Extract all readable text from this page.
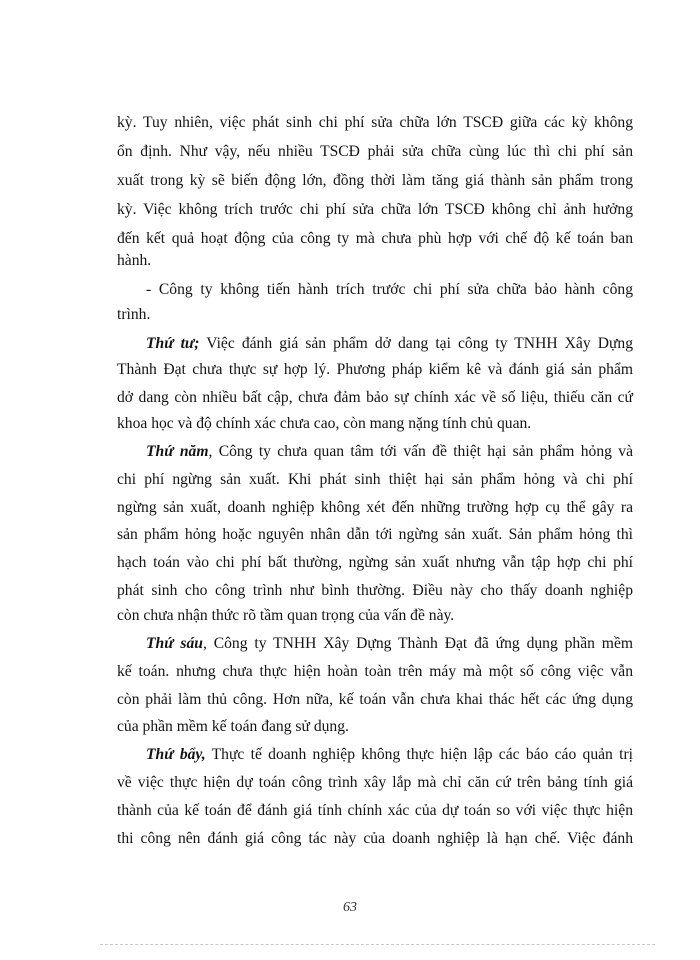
kỳ. Tuy nhiên, việc phát sinh chi phí sửa chữa lớn TSCĐ giữa các kỳ không
ổn định. Như vậy, nếu nhiều TSCĐ phải sửa chữa cùng lúc thì chi phí sản
xuất trong kỳ sẽ biến động lớn, đồng thời làm tăng giá thành sản phẩm trong
kỳ. Việc không trích trước chi phí sửa chữa lớn TSCĐ không chỉ ảnh hưởng
đến kết quả hoạt động của công ty mà chưa phù hợp với chế độ kế toán ban
hành.
- Công ty không tiến hành trích trước chi phí sửa chữa bảo hành công
trình.
Thứ tư; Việc đánh giá sản phẩm dở dang tại công ty TNHH Xây Dựng
Thành Đạt chưa thực sự hợp lý. Phương pháp kiểm kê và đánh giá sản phẩm
dở dang còn nhiều bất cập, chưa đảm bảo sự chính xác về số liệu, thiếu căn cứ
khoa học và độ chính xác chưa cao, còn mang nặng tính chủ quan.
Thứ năm, Công ty chưa quan tâm tới vấn đề thiệt hại sản phẩm hỏng và
chi phí ngừng sản xuất. Khi phát sinh thiệt hại sản phẩm hỏng và chi phí
ngừng sản xuất, doanh nghiệp không xét đến những trường hợp cụ thể gây ra
sản phẩm hỏng hoặc nguyên nhân dẫn tới ngừng sản xuất. Sản phẩm hỏng thì
hạch toán vào chi phí bất thường, ngừng sản xuất nhưng vẫn tập hợp chi phí
phát sinh cho công trình như bình thường. Điều này cho thấy doanh nghiệp
còn chưa nhận thức rõ tầm quan trọng của vấn đề này.
Thứ sáu, Công ty TNHH Xây Dựng Thành Đạt đã ứng dụng phần mềm
kế toán. nhưng chưa thực hiện hoàn toàn trên máy mà một số công việc vẫn
còn phải làm thủ công. Hơn nữa, kế toán vẫn chưa khai thác hết các ứng dụng
của phần mềm kế toán đang sử dụng.
Thứ bẩy, Thực tế doanh nghiệp không thực hiện lập các báo cáo quản trị
về việc thực hiện dự toán công trình xây lắp mà chỉ căn cứ trên bảng tính giá
thành của kế toán để đánh giá tính chính xác của dự toán so với việc thực hiện
thi công nên đánh giá công tác này của doanh nghiệp là hạn chế. Việc đánh
63
